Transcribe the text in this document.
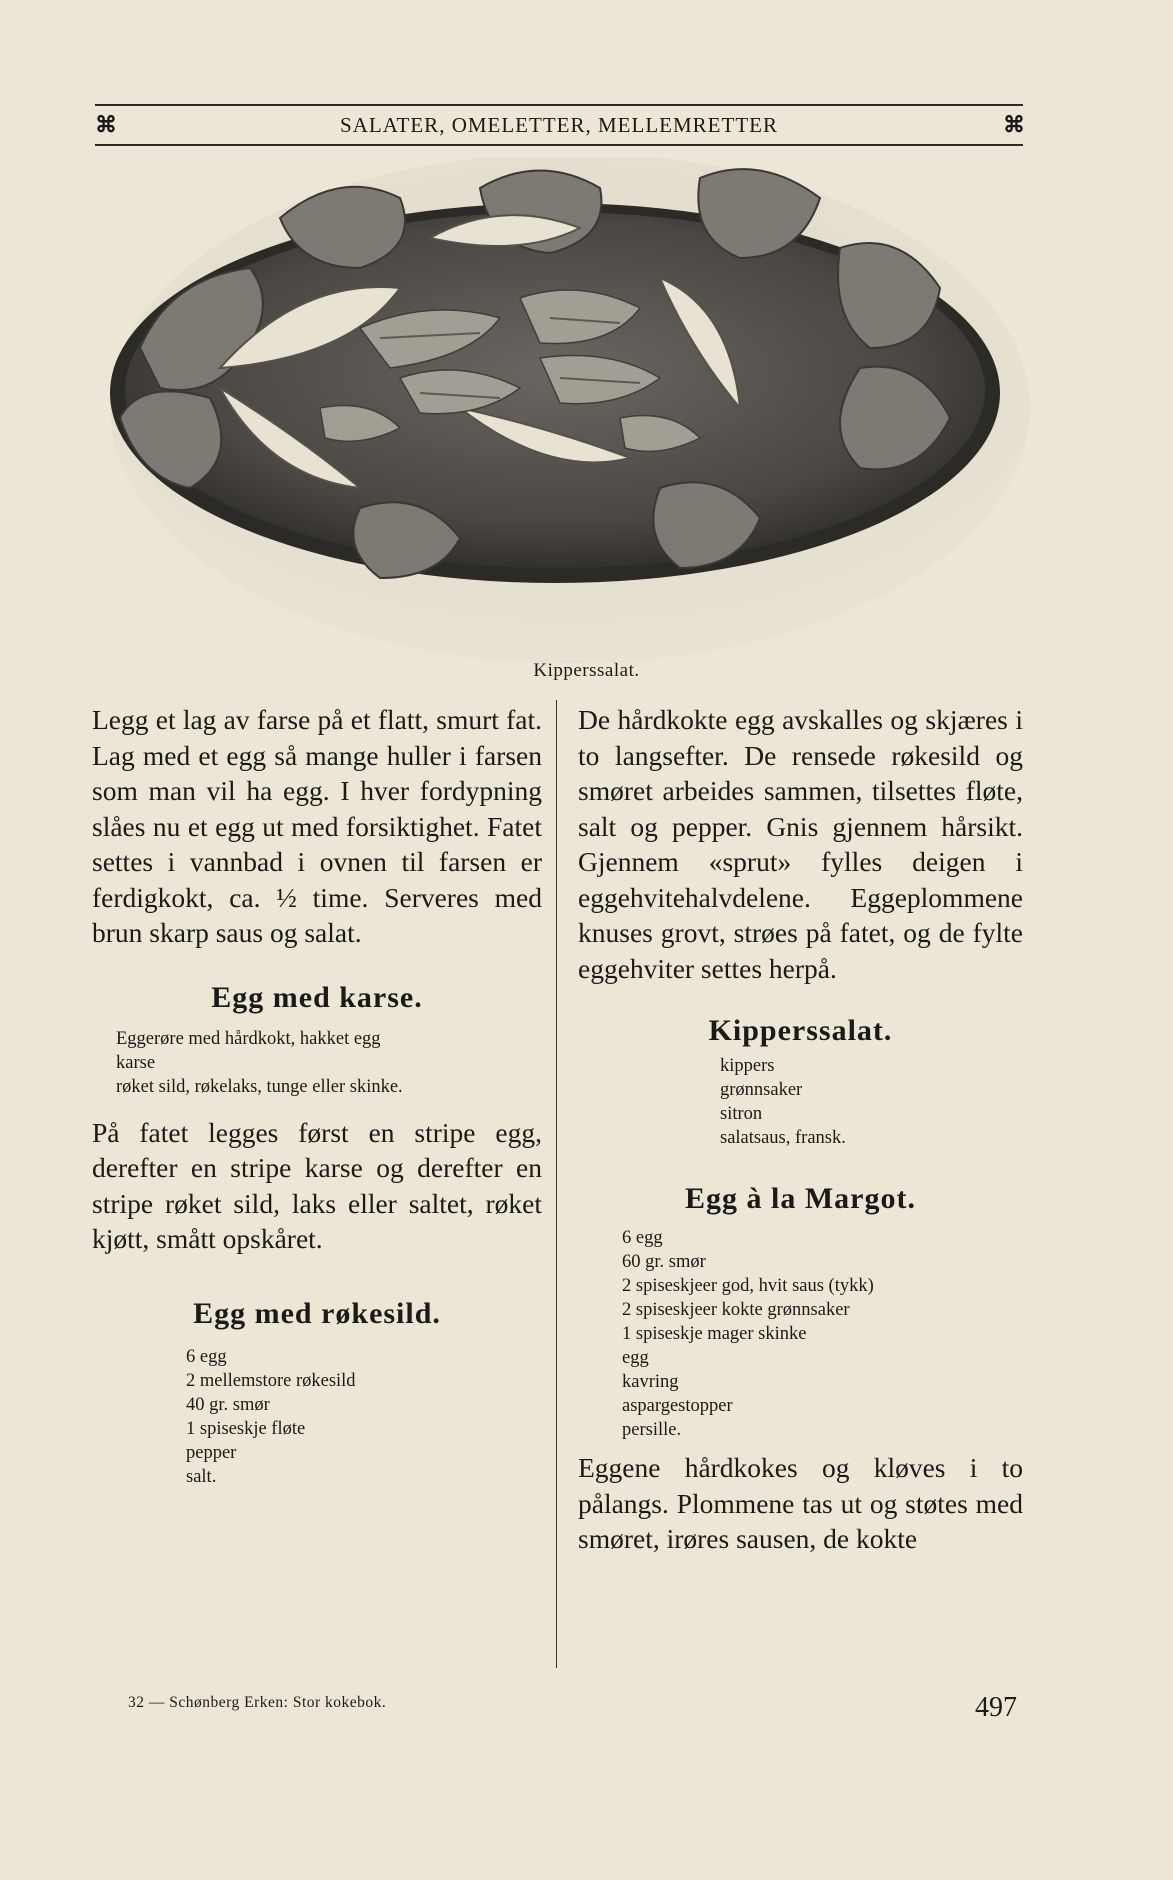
⌘	SALATER, OMELETTER, MELLEMRETTER	⌘
Kipperssalat.

Legg et lag av farse på et flatt, smurt fat. Lag med et egg så mange huller i farsen som man vil ha egg. I hver fordypning slåes nu et egg ut med forsiktighet. Fatet settes i vannbad i ovnen til farsen er ferdigkokt, ca. ½ time. Serveres med brun skarp saus og salat.

Egg med karse.

Eggerøre med hårdkokt, hakket egg
karse
røket sild, røkelaks, tunge eller skinke.

På fatet legges først en stripe egg, derefter en stripe karse og derefter en stripe røket sild, laks eller saltet, røket kjøtt, smått opskåret.

Egg med røkesild.

6 egg
2 mellemstore røkesild
40 gr. smør
1 spiseskje fløte
pepper
salt.

De hårdkokte egg avskalles og skjæres i to langsefter. De rensede røkesild og smøret arbeides sammen, tilsettes fløte, salt og pepper. Gnis gjennem hårsikt. Gjennem «sprut» fylles deigen i eggehvitehalvdelene. Eggeplommene knuses grovt, strøes på fatet, og de fylte eggehviter settes herpå.

Kipperssalat.

kippers
grønnsaker
sitron
salatsaus, fransk.

Egg à la Margot.

6 egg
60 gr. smør
2 spiseskjeer god, hvit saus (tykk)
2 spiseskjeer kokte grønnsaker
1 spiseskje mager skinke
egg
kavring
aspargestopper
persille.

Eggene hårdkokes og kløves i to pålangs. Plommene tas ut og støtes med smøret, irøres sausen, de kokte

32 — Schønberg Erken: Stor kokebok.	497
